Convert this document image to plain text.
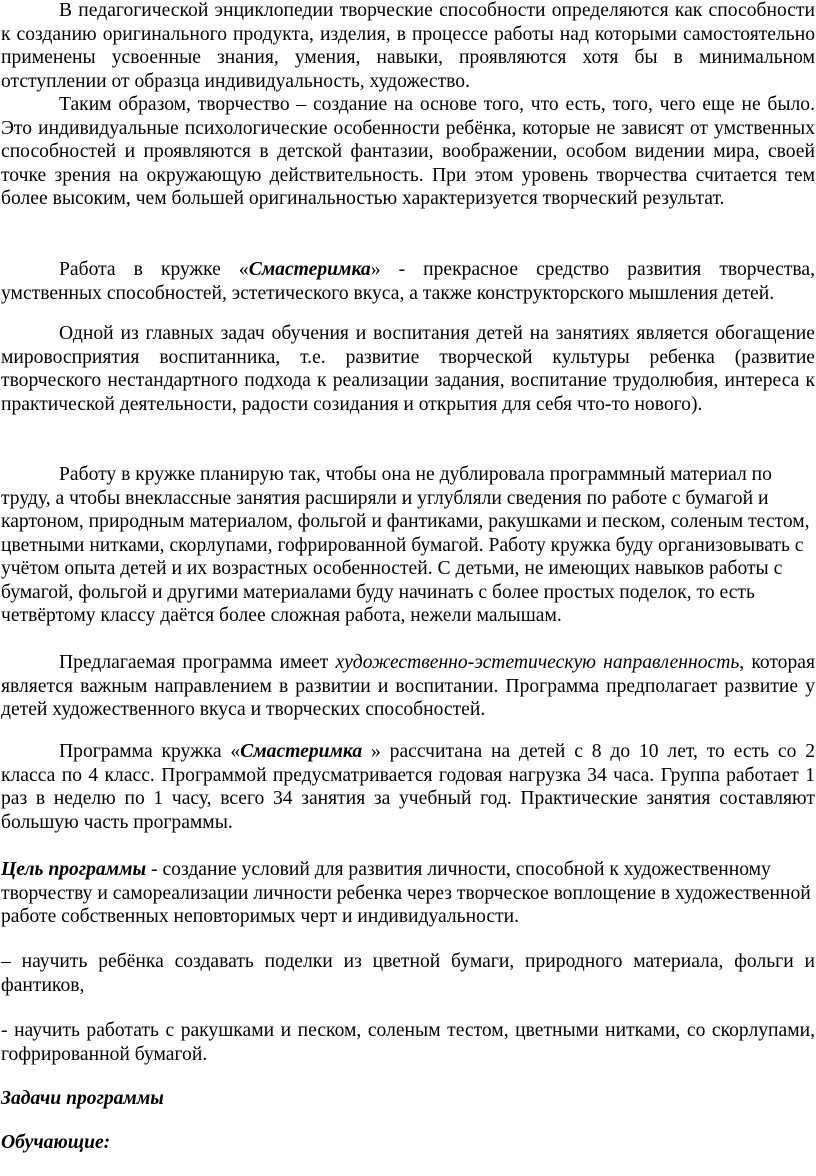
В педагогической энциклопедии творческие способности определяются как способности к созданию оригинального продукта, изделия, в процессе работы над которыми самостоятельно применены усвоенные знания, умения, навыки, проявляются хотя бы в минимальном отступлении от образца индивидуальность, художество.

Таким образом, творчество – создание на основе того, что есть, того, чего еще не было. Это индивидуальные психологические особенности ребёнка, которые не зависят от умственных способностей и проявляются в детской фантазии, воображении, особом видении мира, своей точке зрения на окружающую действительность. При этом уровень творчества считается тем более высоким, чем большей оригинальностью характеризуется творческий результат.

Работа в кружке «Смастеримка» - прекрасное средство развития творчества, умственных способностей, эстетического вкуса, а также конструкторского мышления детей.

Одной из главных задач обучения и воспитания детей на занятиях является обогащение мировосприятия воспитанника, т.е. развитие творческой культуры ребенка (развитие творческого нестандартного подхода к реализации задания, воспитание трудолюбия, интереса к практической деятельности, радости созидания и открытия для себя что-то нового).

Работу в кружке планирую так, чтобы она не дублировала программный материал по труду, а чтобы внеклассные занятия расширяли и углубляли сведения по работе с бумагой и картоном, природным материалом, фольгой и фантиками, ракушками и песком, соленым тестом, цветными нитками, скорлупами, гофрированной бумагой. Работу кружка буду организовывать с учётом опыта детей и их возрастных особенностей. С детьми, не имеющих навыков работы с бумагой, фольгой и другими материалами буду начинать с более простых поделок, то есть четвёртому классу даётся более сложная работа, нежели малышам.

Предлагаемая программа имеет художественно-эстетическую направленность, которая является важным направлением в развитии и воспитании. Программа предполагает развитие у детей художественного вкуса и творческих способностей.

Программа кружка «Смастеримка » рассчитана на детей с 8 до 10 лет, то есть со 2 класса по 4 класс. Программой предусматривается годовая нагрузка 34 часа. Группа работает 1 раз в неделю по 1 часу, всего 34 занятия за учебный год. Практические занятия составляют большую часть программы.

Цель программы - создание условий для развития личности, способной к художественному творчеству и самореализации личности ребенка через творческое воплощение в художественной работе собственных неповторимых черт и индивидуальности.

– научить ребёнка создавать поделки из цветной бумаги, природного материала, фольги и фантиков,

- научить работать с ракушками и песком, соленым тестом, цветными нитками, со скорлупами, гофрированной бумагой.

Задачи программы

Обучающие:
